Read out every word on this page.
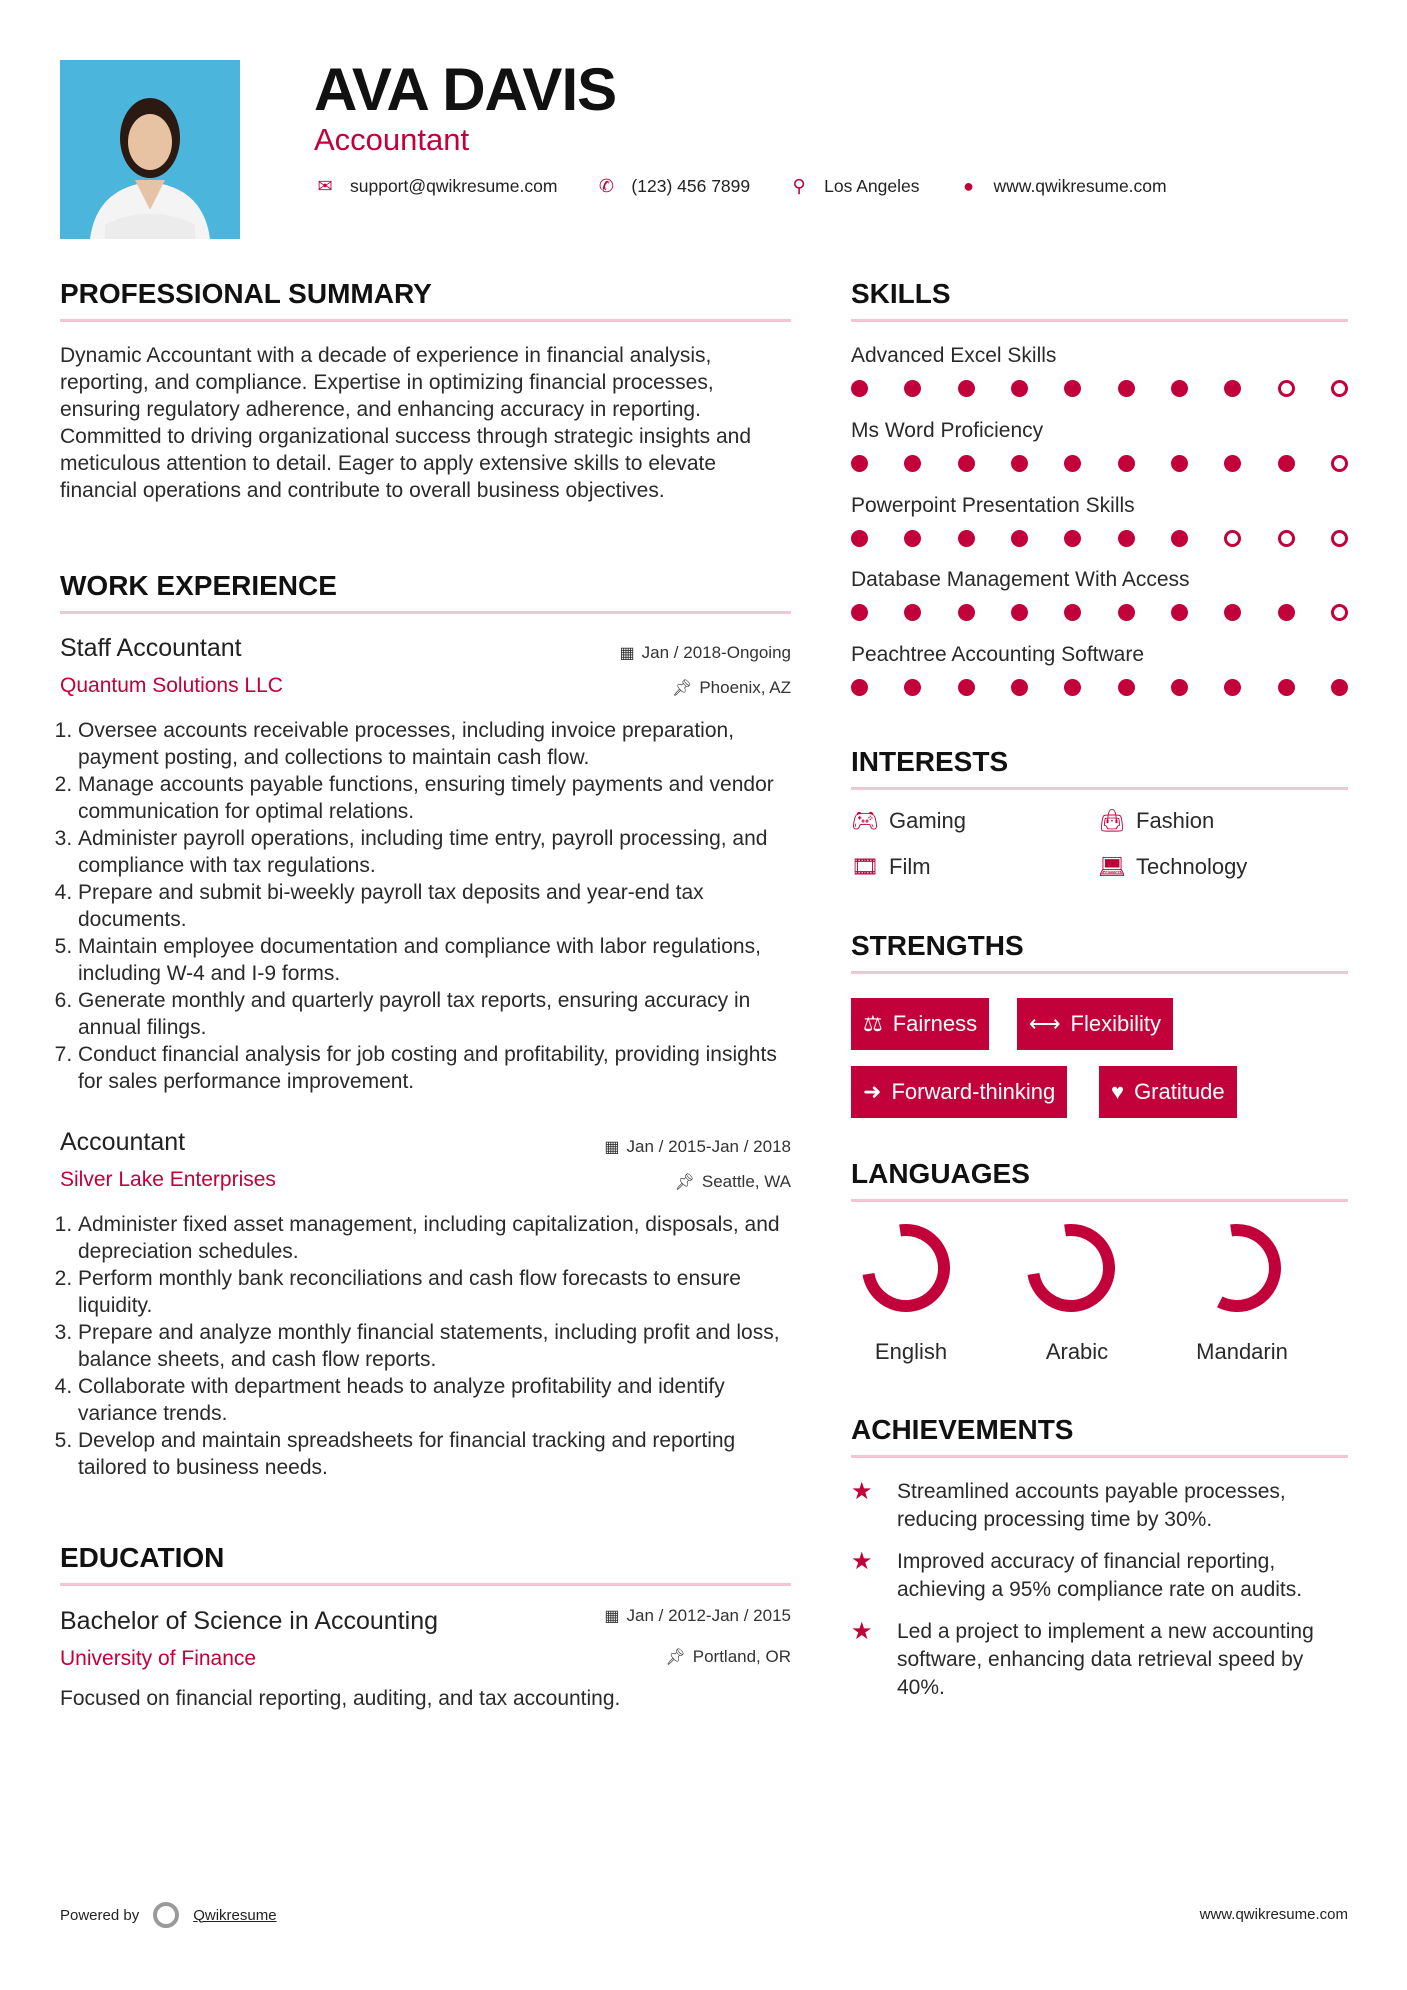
AVA DAVIS
Accountant
✉ support@qwikresume.com ✆ (123) 456 7899 ⚲ Los Angeles	●	www.qwikresume.com
PROFESSIONAL SUMMARY
Dynamic Accountant with a decade of experience in financial analysis, reporting, and compliance. Expertise in optimizing financial processes, ensuring regulatory adherence, and enhancing accuracy in reporting. Committed to driving organizational success through strategic insights and meticulous attention to detail. Eager to apply extensive skills to elevate financial operations and contribute to overall business objectives.
WORK EXPERIENCE
Staff Accountant	▦ Jan / 2018-Ongoing
Quantum Solutions LLC	📌︎ Phoenix, AZ
1. Oversee accounts receivable processes, including invoice preparation, payment posting, and collections to maintain cash flow.
2. Manage accounts payable functions, ensuring timely payments and vendor communication for optimal relations.
3. Administer payroll operations, including time entry, payroll processing, and compliance with tax regulations.
4. Prepare and submit bi-weekly payroll tax deposits and year-end tax documents.
5. Maintain employee documentation and compliance with labor regulations, including W-4 and I-9 forms.
6. Generate monthly and quarterly payroll tax reports, ensuring accuracy in annual filings.
7. Conduct financial analysis for job costing and profitability, providing insights for sales performance improvement.
Accountant	▦ Jan / 2015-Jan / 2018
Silver Lake Enterprises	📌︎ Seattle, WA
1. Administer fixed asset management, including capitalization, disposals, and depreciation schedules.
2. Perform monthly bank reconciliations and cash flow forecasts to ensure liquidity.
3. Prepare and analyze monthly financial statements, including profit and loss, balance sheets, and cash flow reports.
4. Collaborate with department heads to analyze profitability and identify variance trends.
5. Develop and maintain spreadsheets for financial tracking and reporting tailored to business needs.
EDUCATION
Bachelor of Science in Accounting	▦ Jan / 2012-Jan / 2015
University of Finance	📌︎ Portland, OR
Focused on financial reporting, auditing, and tax accounting.
SKILLS
Advanced Excel Skills
Ms Word Proficiency
Powerpoint Presentation Skills
Database Management With Access
Peachtree Accounting Software
INTERESTS
🎮︎ Gaming	👜︎ Fashion
🎞︎ Film	💻︎ Technology
STRENGTHS
⚖ Fairness ⟷ Flexibility
➜ Forward-thinking	♥ Gratitude
LANGUAGES
English	Arabic	Mandarin
ACHIEVEMENTS
★	Streamlined accounts payable processes, reducing processing time by 30%.
★	Improved accuracy of financial reporting, achieving a 95% compliance rate on audits.
★	Led a project to implement a new accounting software, enhancing data retrieval speed by 40%.
Powered by	Qwikresume	www.qwikresume.com
